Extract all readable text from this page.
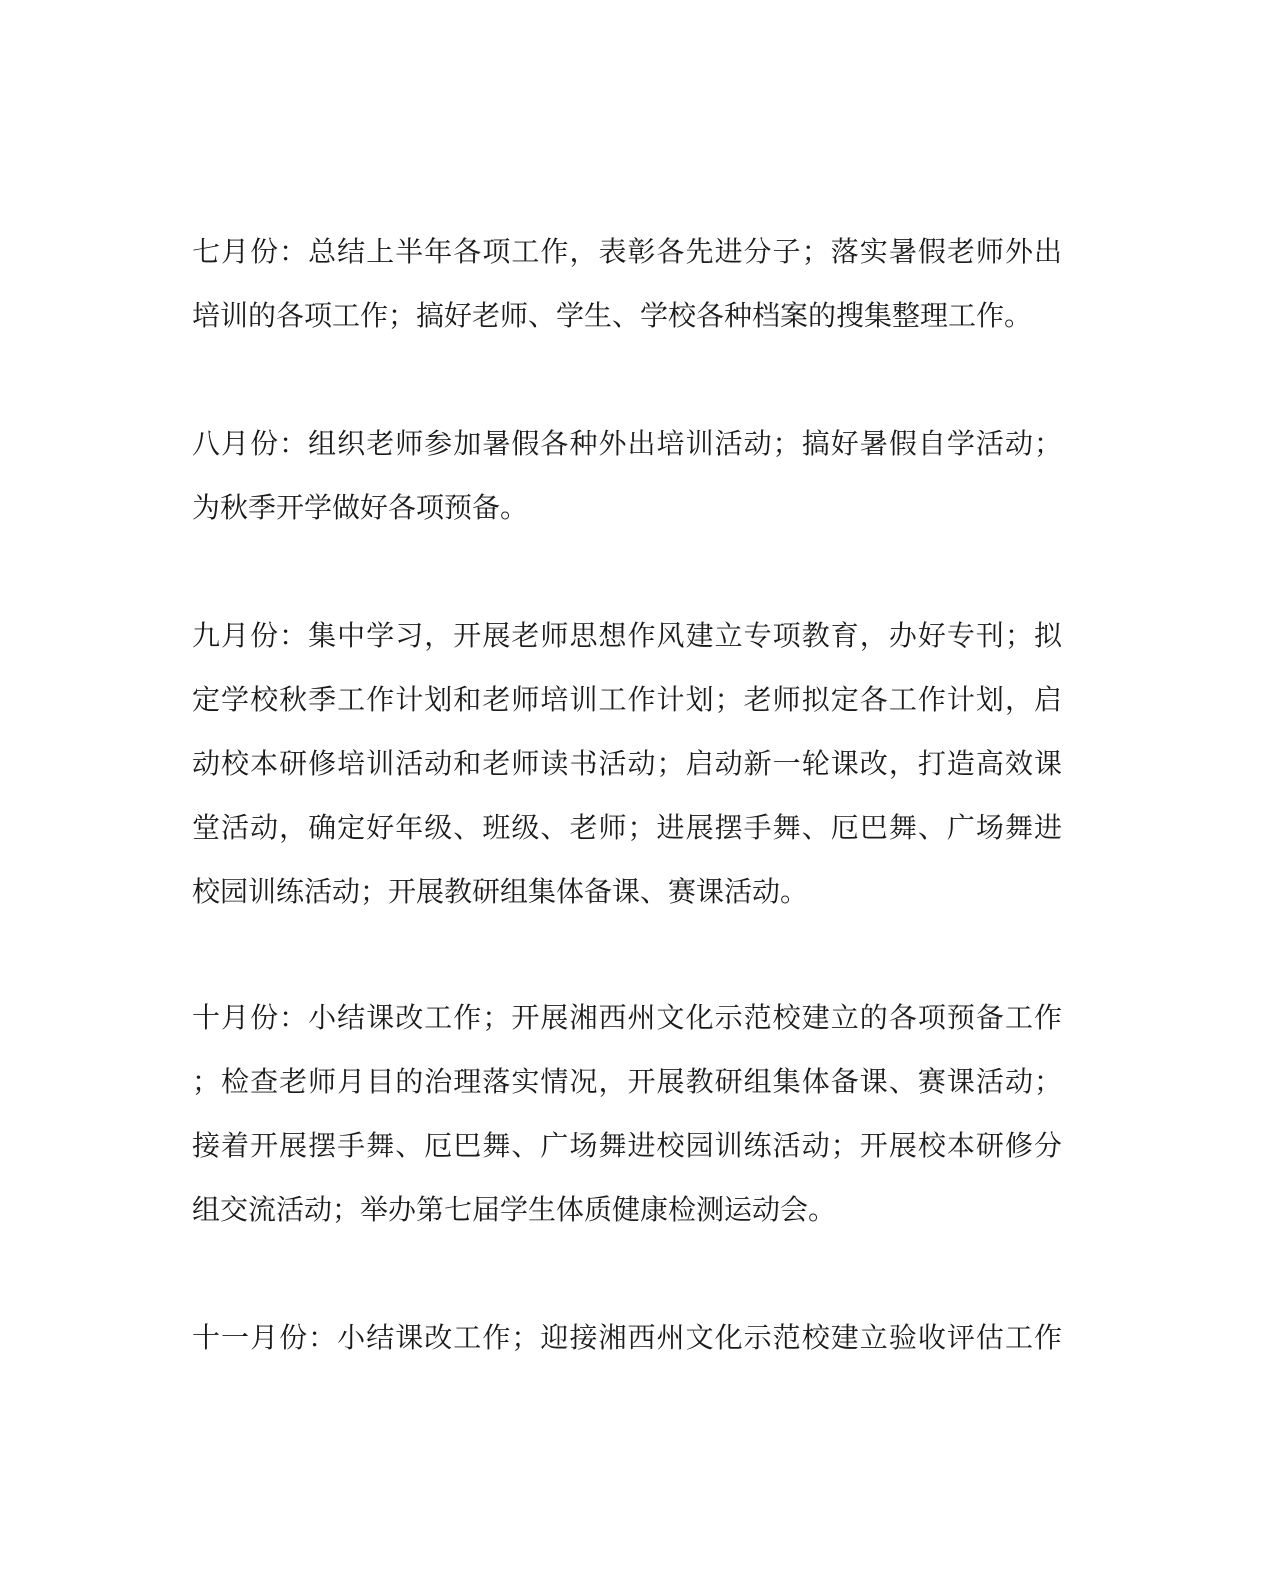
七月份：总结上半年各项工作，表彰各先进分子；落实暑假老师外出
培训的各项工作；搞好老师、学生、学校各种档案的搜集整理工作。

八月份：组织老师参加暑假各种外出培训活动；搞好暑假自学活动；
为秋季开学做好各项预备。

九月份：集中学习，开展老师思想作风建立专项教育，办好专刊；拟
定学校秋季工作计划和老师培训工作计划；老师拟定各工作计划，启
动校本研修培训活动和老师读书活动；启动新一轮课改，打造高效课
堂活动，确定好年级、班级、老师；进展摆手舞、厄巴舞、广场舞进
校园训练活动；开展教研组集体备课、赛课活动。

十月份：小结课改工作；开展湘西州文化示范校建立的各项预备工作
；检查老师月目的治理落实情况，开展教研组集体备课、赛课活动；
接着开展摆手舞、厄巴舞、广场舞进校园训练活动；开展校本研修分
组交流活动；举办第七届学生体质健康检测运动会。

十一月份：小结课改工作；迎接湘西州文化示范校建立验收评估工作
